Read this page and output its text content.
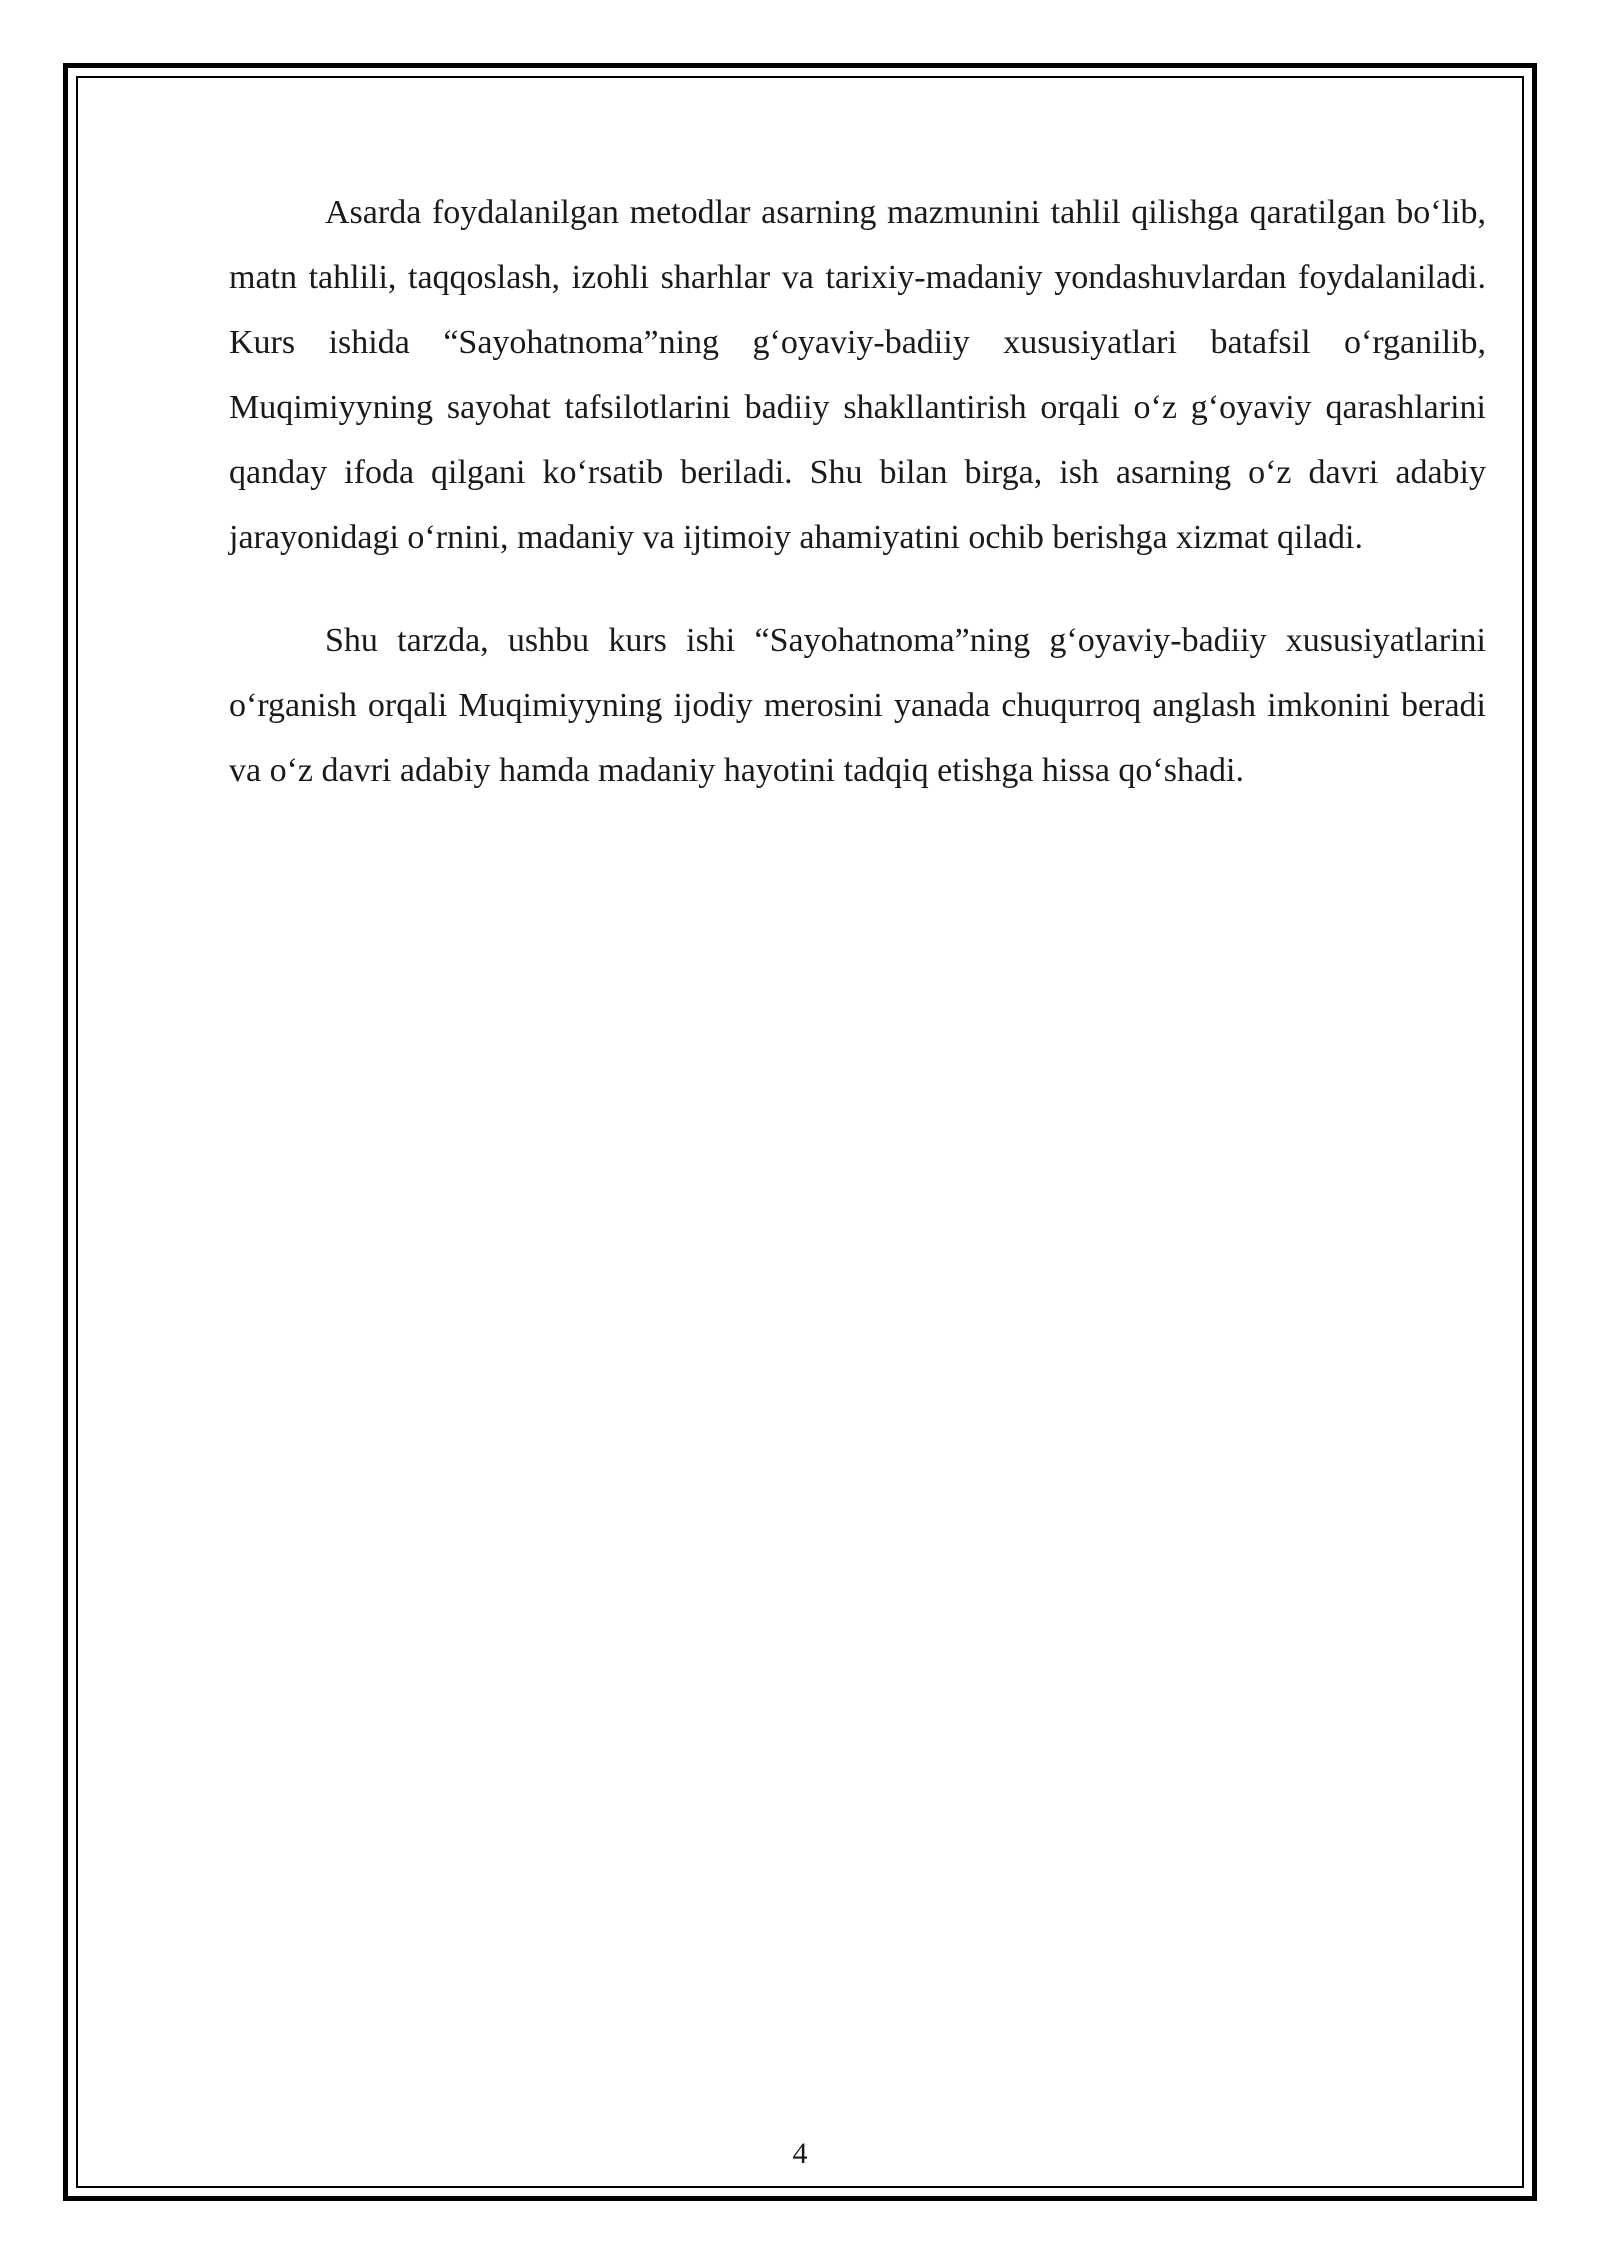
Asarda foydalanilgan metodlar asarning mazmunini tahlil qilishga qaratilgan bo‘lib, matn tahlili, taqqoslash, izohli sharhlar va tarixiy-madaniy yondashuvlardan foydalaniladi. Kurs ishida “Sayohatnoma”ning g‘oyaviy-badiiy xususiyatlari batafsil o‘rganilib, Muqimiyyning sayohat tafsilotlarini badiiy shakllantirish orqali o‘z g‘oyaviy qarashlarini qanday ifoda qilgani ko‘rsatib beriladi. Shu bilan birga, ish asarning o‘z davri adabiy jarayonidagi o‘rnini, madaniy va ijtimoiy ahamiyatini ochib berishga xizmat qiladi.

Shu tarzda, ushbu kurs ishi “Sayohatnoma”ning g‘oyaviy-badiiy xususiyatlarini o‘rganish orqali Muqimiyyning ijodiy merosini yanada chuqurroq anglash imkonini beradi va o‘z davri adabiy hamda madaniy hayotini tadqiq etishga hissa qo‘shadi.

4
